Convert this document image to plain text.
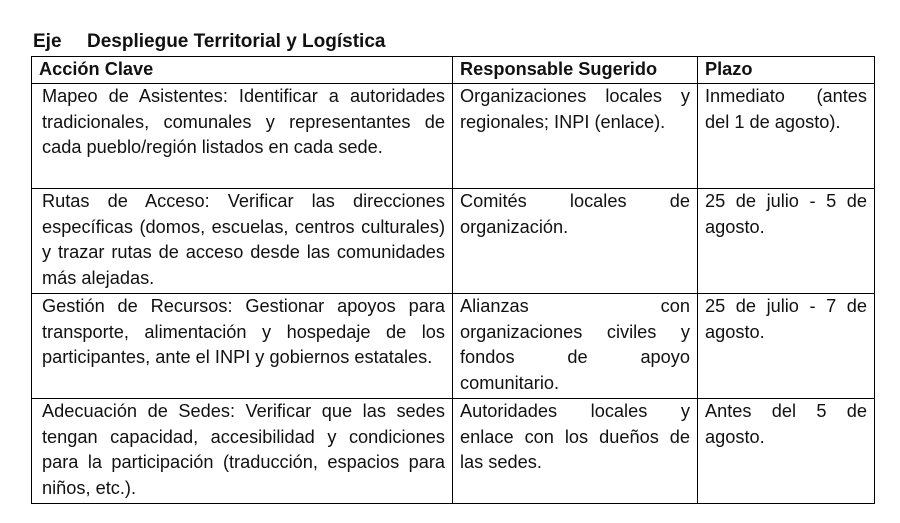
Eje Despliegue Territorial y Logística
Acción Clave	Responsable Sugerido	Plazo
Mapeo de Asistentes: Identificar a autoridades tradicionales, comunales y representantes de cada pueblo/región listados en cada sede.	Organizaciones locales y regionales; INPI (enlace).	Inmediato (antes del 1 de agosto).
Rutas de Acceso: Verificar las direcciones específicas (domos, escuelas, centros culturales) y trazar rutas de acceso desde las comunidades más alejadas.	Comités locales de organización.	25 de julio - 5 de agosto.
Gestión de Recursos: Gestionar apoyos para transporte, alimentación y hospedaje de los participantes, ante el INPI y gobiernos estatales.	Alianzas con organizaciones civiles y fondos de apoyo comunitario.	25 de julio - 7 de agosto.
Adecuación de Sedes: Verificar que las sedes tengan capacidad, accesibilidad y condiciones para la participación (traducción, espacios para niños, etc.).	Autoridades locales y enlace con los dueños de las sedes.	Antes del 5 de agosto.
